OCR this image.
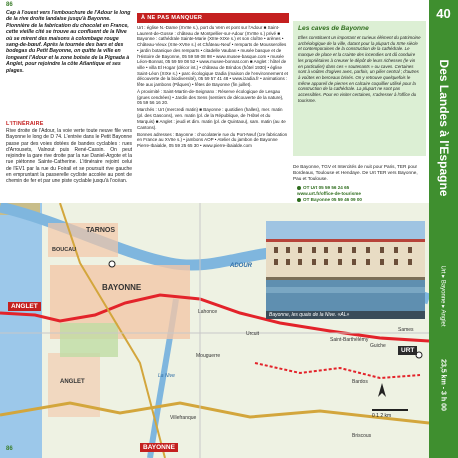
86
Cap à l'ouest vers l'embouchure de l'Adour le long de la rive droite landaise jusqu'à Bayonne. Pionnière de la fabrication du chocolat en France, cette vieille cité se trouve au confluent de la Nive où se mirent des maisons à colombage rouge sang-de-bœuf. Après la tournée des bars et des bodegas du Petit Bayonne, on quitte la ville en longeant l'Adour et la zone boisée de la Pignada à Anglet, pour rejoindre la côte Atlantique et ses plages.
L'ITINÉRAIRE
Rive droite de l'Adour, la voie verte toute neuve file vers Bayonne le long de D 74. L'entrée dans le Petit Bayonne passe par des voies dotées de bandes cyclables : rues d'Arrousets, Valnout puis René-Cassin. On peut rejoindre la gare rive droite par la rue Daniel-Argote et la rue piétonne Sainte-Catherine. L'itinéraire rejoint celui de l'EV1 par la rue du Foirail et se poursuit rive gauche en empruntant la passerelle cycliste accolée au pont de chemin de fer et par une piste cyclable jusqu'à l'océan.
À NE PAS MANQUER

Urt : église N.-Dame (XVIIe s.), port du Vern et pont sur l'Adour ■ Saint-Laurent-de-Gosse : château de Montpellier-sur-Adour (XVIIIe s.) privé ■ Bayonne : cathédrale Sainte-Marie (XIIIe-XIXe s.) et son cloître • arènes • Château-Vieux (XIIe-XVIIe s.) et Château-Neuf • remparts de Mousserolles • jardin botanique des remparts • citadelle Vauban • musée basque et de l'Histoire de Bayonne, 05 59 59 08 98 • www.musee-basque.com • musée Léon-Bonnat, 05 59 59 08 52 • www.musee-bonnat.com ■ Anglet : hôtel de ville • villa El Hogar (décor int.) • château de Brindos (hôtel 1930) • église Saint-Léon (XIXe s.) • parc écologique Izadia (maison de l'environnement et découverte de la biodiversité), 05 59 57 41 48 • www.izadia.fr • animations : fête aux jambons (Pâques) • fêtes de Bayonne (fin juillet).

À proximité : Saint-Martin-de-Seignanx : Réserve écologique de Lesgau (grues cendrées) • Jardin des Sens (sentiers de découverte de la nature), 05 59 56 16 20.

Marchés : Urt (mercredi matin) ■ Bayonne : quotidien (halles), mer. matin (pl. des Gascons), ven. matin (pl. de la République, de l'Hôtel et du Marquis) ■ Anglet : jeudi et dim. matin (pl. de Quintaou), sam. matin (au 4e Cantons).

Bonnes adresses : Bayonne : chocolaterie rue du Port-Neuf (1re fabrication en France au XVIIe s.) • jambons AOP • Atelier du jambon de Bayonne Pierre-Ibaialde, 05 59 25 65 30 • www.pierre-ibaialde.com

Les caves de Bayonne
Elles constituent un important et curieux élément du patrimoine archéologique de la ville, datant pour la plupart du XIIIe siècle et contemporaines de la construction de la cathédrale. Le manque de place et la crainte des incendies ont dû conduire les propriétaires à creuser le dépôt de leurs richesses (le vin en particulier) dans ces « soutenants » ou caves. Certaines sont à voûtes d'ogives avec, parfois, un pilier central ; d'autres à voûtes en berceaux brisés. On y retrouve quelquefois le même appareil de pierres en calcaire coquillier utilisé pour la construction de la cathédrale. La plupart ne sont pas accessibles. Pour en visiter certaines, s'adresser à l'office du tourisme.
De Bayonne, TGV et Intercités de nuit pour Paris, TER pour Bordeaux, Toulouse et Hendaye. De Urt TER vers Bayonne, Pau et Toulouse.
OT Urt 05 59 56 24 65
www.urt.fr/office-de-tourisme
OT Bayonne 05 59 46 09 00
TARNOS
ANGLET
BAYONNE
BOUCAU
Lahonce
Mouguerre
Villefranque
Briscous
Urcuit
Saint-Barthélémy
Guiche
Bardos
Sames
ADOUR
La Nive
URT
ANGLET
BAYONNE
0 1 2 km
Bayonne, les quais de la Nive. «AL»
40
Des Landes à l'Espagne
Urt ▸ Bayonne ▸ Anglet
23,5 km - 3 h 00
86
